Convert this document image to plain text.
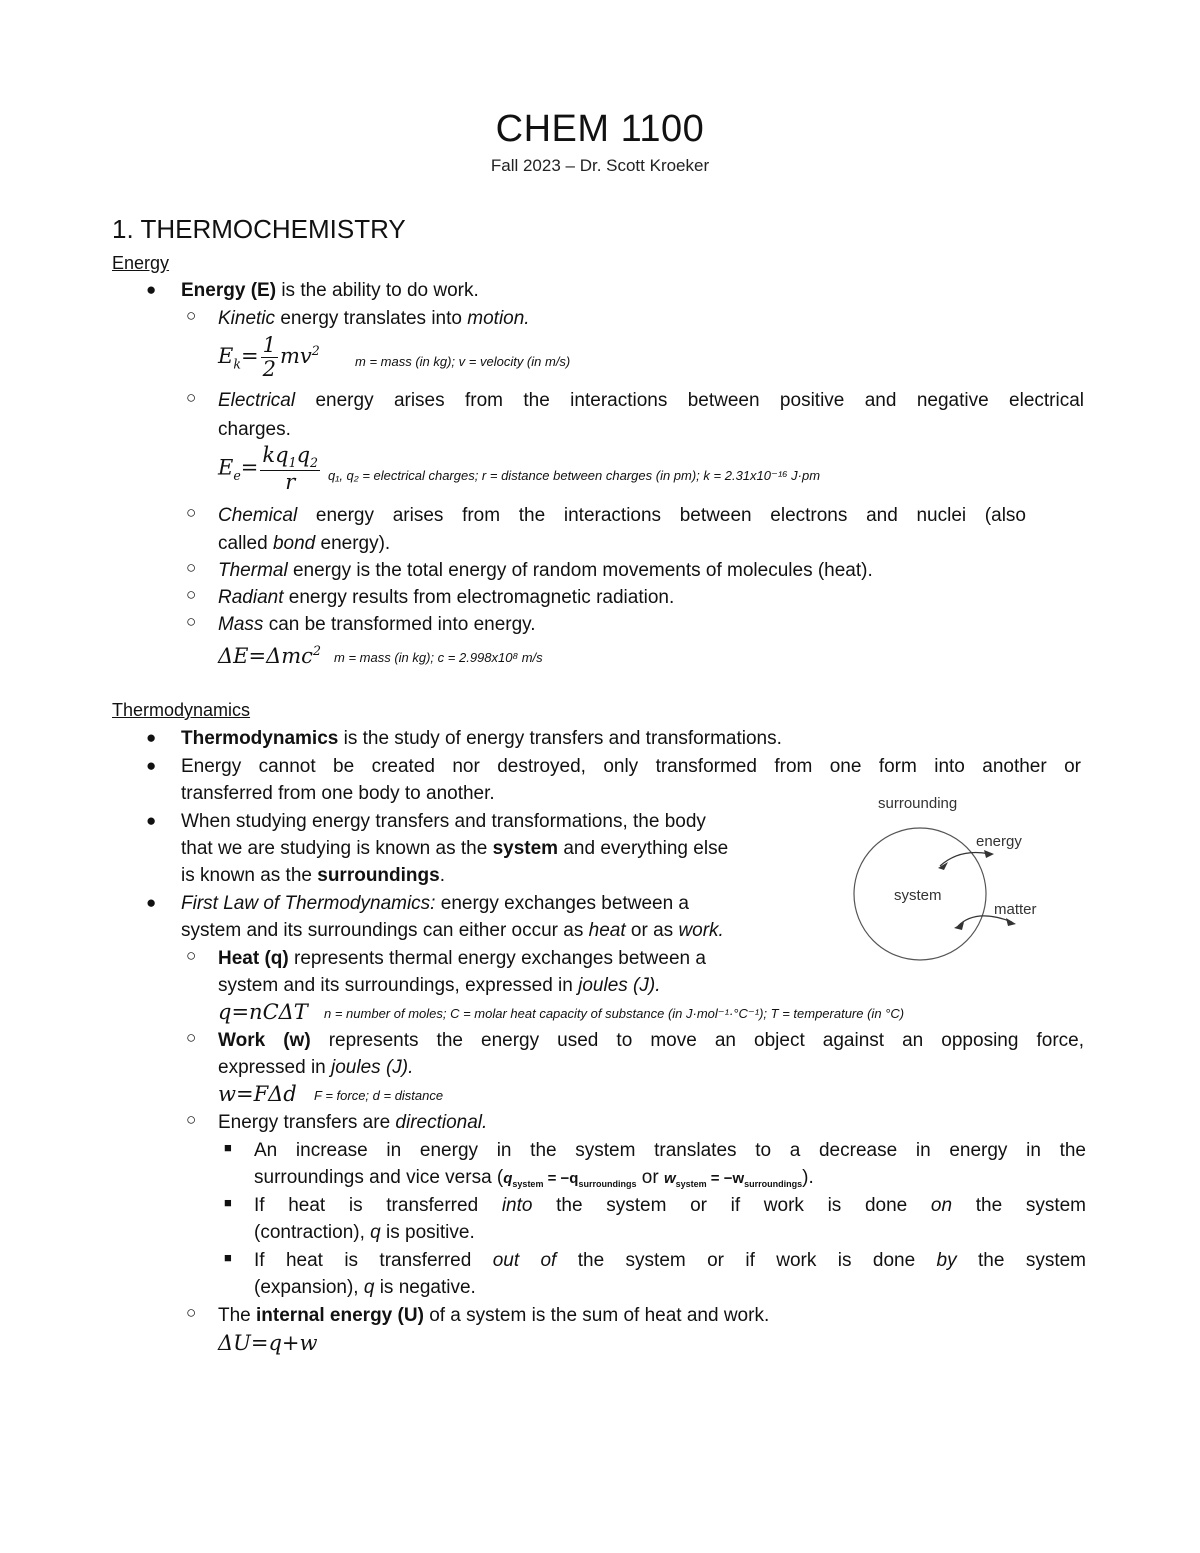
CHEM 1100
Fall 2023 – Dr. Scott Kroeker
1. THERMOCHEMISTRY
Energy
● Energy (E) is the ability to do work.
○ Kinetic energy translates into motion.
$E_k= \frac{1}{2} mv^2$
m = mass (in kg); v = velocity (in m/s)
○ Electrical energy arises from the interactions between positive and negative electrical
charges.
$E_e= \frac{kq_1q_2}{r} q_1$, q₂ = electrical charges; r = distance between charges (in pm); k = 2.31x10⁻¹⁶ J·pm
○ Chemical energy arises from the interactions between electrons and nuclei (also
called bond energy).
○ Thermal energy is the total energy of random movements of molecules (heat).
○ Radiant energy results from electromagnetic radiation.
○ Mass can be transformed into energy.
ΔE=Δmc$^2$ m = mass (in kg); c = 2.998x10⁸ m/s
Thermodynamics
● Thermodynamics is the study of energy transfers and transformations.
● Energy cannot be created nor destroyed, only transformed from one form into another or
transferred from one body to another.
● When studying energy transfers and transformations, the body
that we are studying is known as the system and everything else
is known as the surroundings.
● First Law of Thermodynamics: energy exchanges between a
system and its surroundings can either occur as heat or as work.
○ Heat (q) represents thermal energy exchanges between a
system and its surroundings, expressed in joules (J).
q=nCΔT n = number of moles; C = molar heat capacity of substance (in J·mol⁻¹·°C⁻¹); T = temperature (in °C)
○ Work (w) represents the energy used to move an object against an opposing force,
expressed in joules (J).
w=FΔd F = force; d = distance
○ Energy transfers are directional.
■ An increase in energy in the system translates to a decrease in energy in the
surroundings and vice versa ($q_{system} = -q_{surroundings}$ or $w_{system} = -w_{surroundings}$).
■ If heat is transferred into the system or if work is done on the system
(contraction), q is positive.
■ If heat is transferred out of the system or if work is done by the system
(expansion), q is negative.
○ The internal energy (U) of a system is the sum of heat and work.
ΔU=q+w
surrounding
system
energy
matter
